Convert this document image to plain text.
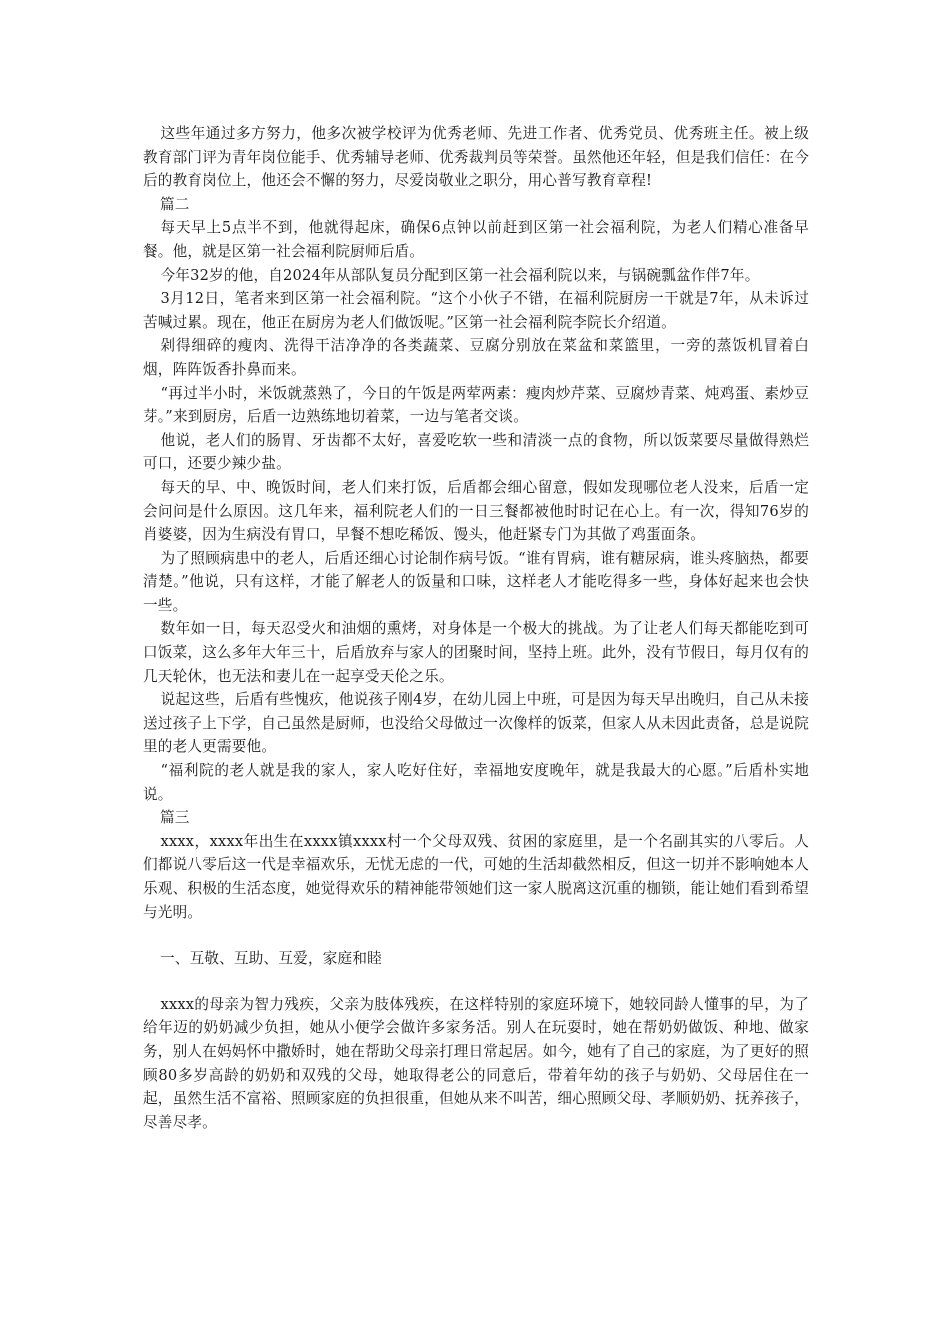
这些年通过多方努力，他多次被学校评为优秀老师、先进工作者、优秀党员、优秀班主任。被上级教育部门评为青年岗位能手、优秀辅导老师、优秀裁判员等荣誉。虽然他还年轻，但是我们信任：在今后的教育岗位上，他还会不懈的努力，尽爱岗敬业之职分，用心普写教育章程!

篇二

每天早上5点半不到，他就得起床，确保6点钟以前赶到区第一社会福利院，为老人们精心准备早餐。他，就是区第一社会福利院厨师后盾。

今年32岁的他，自2024年从部队复员分配到区第一社会福利院以来，与锅碗瓢盆作伴7年。

3月12日，笔者来到区第一社会福利院。“这个小伙子不错，在福利院厨房一干就是7年，从未诉过苦喊过累。现在，他正在厨房为老人们做饭呢。”区第一社会福利院李院长介绍道。

剁得细碎的瘦肉、洗得干洁净净的各类蔬菜、豆腐分别放在菜盆和菜篮里，一旁的蒸饭机冒着白烟，阵阵饭香扑鼻而来。

“再过半小时，米饭就蒸熟了，今日的午饭是两荤两素：瘦肉炒芹菜、豆腐炒青菜、炖鸡蛋、素炒豆芽。”来到厨房，后盾一边熟练地切着菜，一边与笔者交谈。

他说，老人们的肠胃、牙齿都不太好，喜爱吃软一些和清淡一点的食物，所以饭菜要尽量做得熟烂可口，还要少辣少盐。

每天的早、中、晚饭时间，老人们来打饭，后盾都会细心留意，假如发现哪位老人没来，后盾一定会问问是什么原因。这几年来，福利院老人们的一日三餐都被他时时记在心上。有一次，得知76岁的肖婆婆，因为生病没有胃口，早餐不想吃稀饭、馒头，他赶紧专门为其做了鸡蛋面条。

为了照顾病患中的老人，后盾还细心讨论制作病号饭。“谁有胃病，谁有糖尿病，谁头疼脑热，都要清楚。”他说，只有这样，才能了解老人的饭量和口味，这样老人才能吃得多一些，身体好起来也会快一些。

数年如一日，每天忍受火和油烟的熏烤，对身体是一个极大的挑战。为了让老人们每天都能吃到可口饭菜，这么多年大年三十，后盾放弃与家人的团聚时间，坚持上班。此外，没有节假日，每月仅有的几天轮休，也无法和妻儿在一起享受天伦之乐。

说起这些，后盾有些愧疚，他说孩子刚4岁，在幼儿园上中班，可是因为每天早出晚归，自己从未接送过孩子上下学，自己虽然是厨师，也没给父母做过一次像样的饭菜，但家人从未因此责备，总是说院里的老人更需要他。

“福利院的老人就是我的家人，家人吃好住好，幸福地安度晚年，就是我最大的心愿。”后盾朴实地说。

篇三

xxxx，xxxx年出生在xxxx镇xxxx村一个父母双残、贫困的家庭里，是一个名副其实的八零后。人们都说八零后这一代是幸福欢乐，无忧无虑的一代，可她的生活却截然相反，但这一切并不影响她本人乐观、积极的生活态度，她觉得欢乐的精神能带领她们这一家人脱离这沉重的枷锁，能让她们看到希望与光明。

一、互敬、互助、互爱，家庭和睦

xxxx的母亲为智力残疾，父亲为肢体残疾，在这样特别的家庭环境下，她较同龄人懂事的早，为了给年迈的奶奶减少负担，她从小便学会做许多家务活。别人在玩耍时，她在帮奶奶做饭、种地、做家务，别人在妈妈怀中撒娇时，她在帮助父母亲打理日常起居。如今，她有了自己的家庭，为了更好的照顾80多岁高龄的奶奶和双残的父母，她取得老公的同意后，带着年幼的孩子与奶奶、父母居住在一起，虽然生活不富裕、照顾家庭的负担很重，但她从来不叫苦，细心照顾父母、孝顺奶奶、抚养孩子，尽善尽孝。
